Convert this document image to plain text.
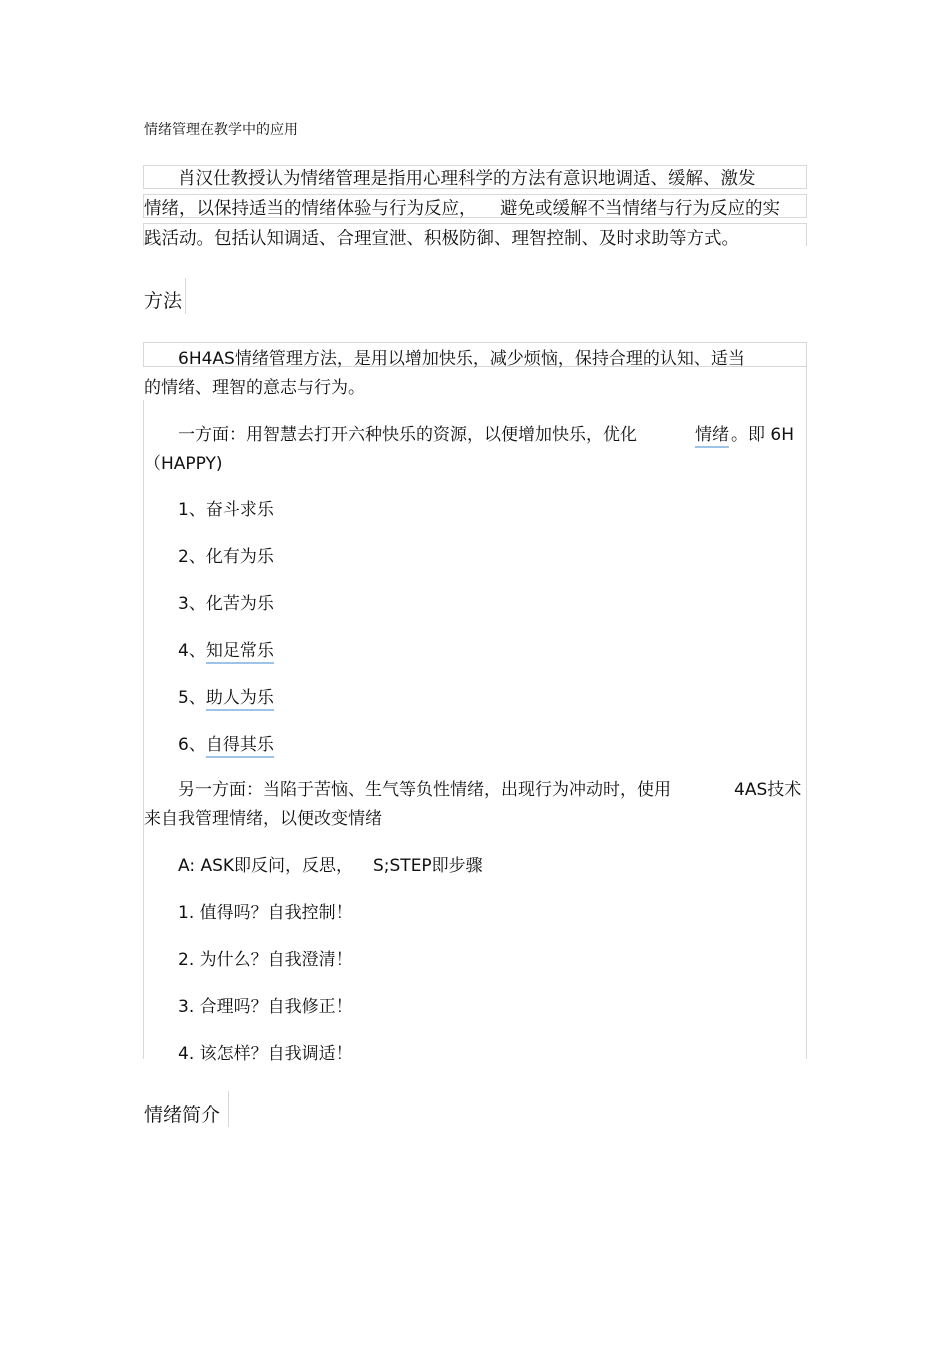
情绪管理在教学中的应用
肖汉仕教授认为情绪管理是指用心理科学的方法有意识地调适、缓解、激发
情绪，以保持适当的情绪体验与行为反应， 避免或缓解不当情绪与行为反应的实
践活动。包括认知调适、合理宣泄、积极防御、理智控制、及时求助等方式。
方法
6H4AS情绪管理方法，是用以增加快乐，减少烦恼，保持合理的认知、适当
的情绪、理智的意志与行为。
一方面：用智慧去打开六种快乐的资源，以便增加快乐，优化	情绪 。即 6H
（HAPPY)
1、奋斗求乐
2、化有为乐
3、化苦为乐
4、知足常乐
5、助人为乐
6、自得其乐
另一方面：当陷于苦恼、生气等负性情绪，出现行为冲动时，使用	4AS技术
来自我管理情绪，以便改变情绪
A: ASK即反问，反思， S;STEP即步骤
1. 值得吗？自我控制！
2. 为什么？自我澄清！
3. 合理吗？自我修正！
4. 该怎样？自我调适！
情绪简介
